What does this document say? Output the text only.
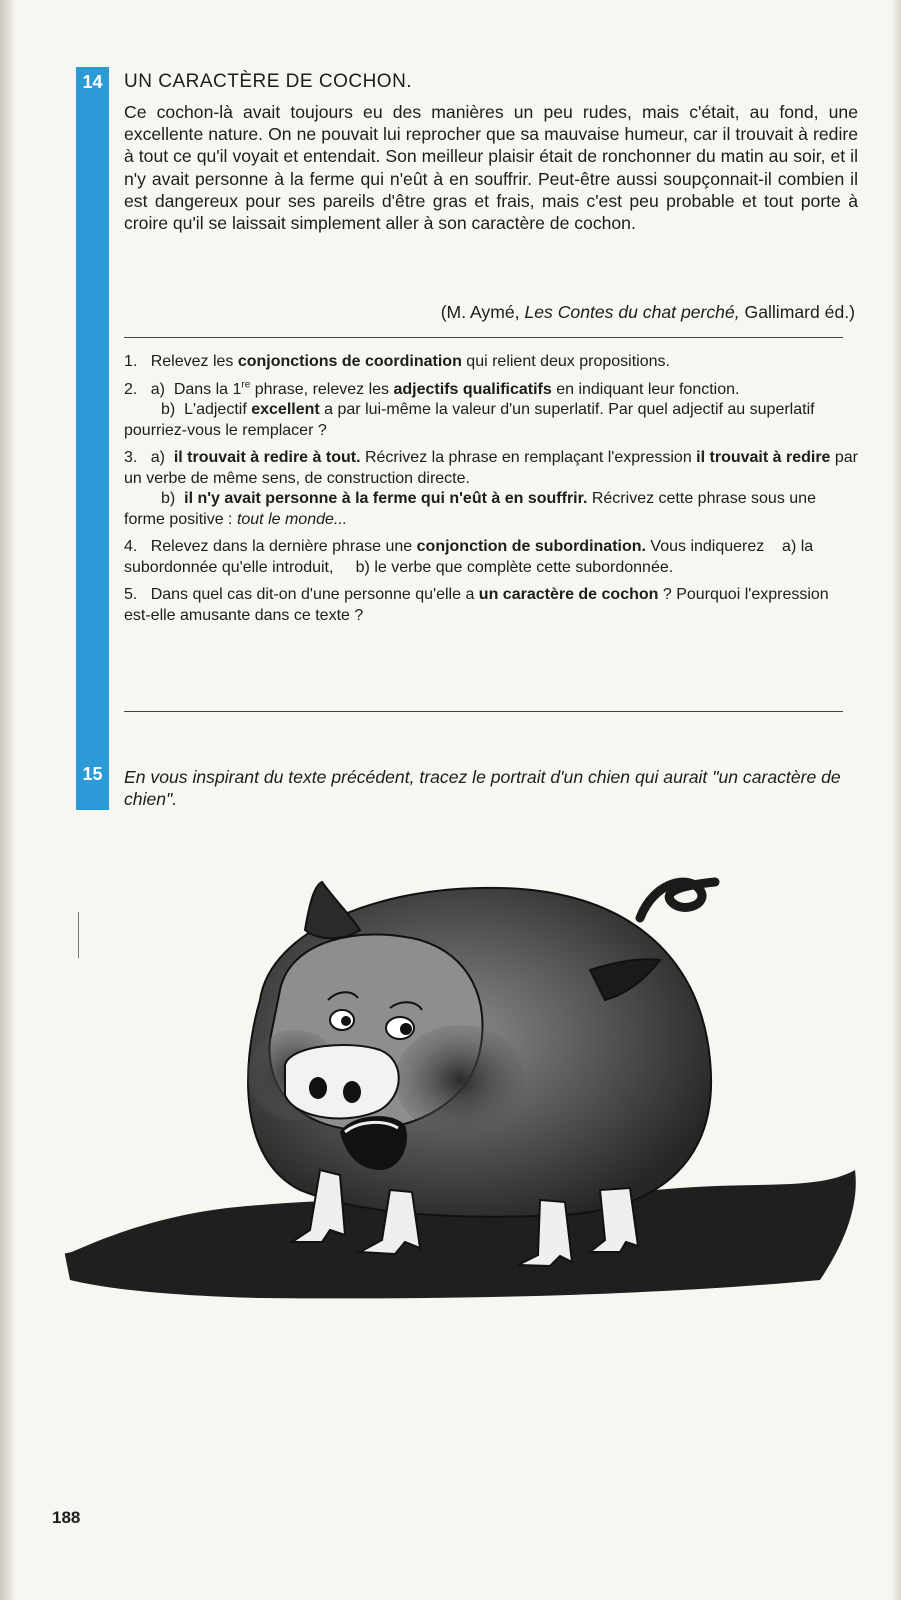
14	UN CARACTÈRE DE COCHON.
Ce cochon-là avait toujours eu des manières un peu rudes, mais c'était, au fond, une excellente nature. On ne pouvait lui reprocher que sa mauvaise humeur, car il trouvait à redire à tout ce qu'il voyait et entendait. Son meilleur plaisir était de ronchonner du matin au soir, et il n'y avait personne à la ferme qui n'eût à en souffrir. Peut-être aussi soupçonnait-il combien il est dangereux pour ses pareils d'être gras et frais, mais c'est peu probable et tout porte à croire qu'il se laissait simplement aller à son caractère de cochon.
(M. Aymé, Les Contes du chat perché, Gallimard éd.)

1. Relevez les conjonctions de coordination qui relient deux propositions.

2. a) Dans la 1re phrase, relevez les adjectifs qualificatifs en indiquant leur fonction.

b) L'adjectif excellent a par lui-même la valeur d'un superlatif. Par quel adjectif au superlatif pourriez-vous le remplacer ?

3. a) il trouvait à redire à tout. Récrivez la phrase en remplaçant l'expression il trouvait à redire par un verbe de même sens, de construction directe.

b) il n'y avait personne à la ferme qui n'eût à en souffrir. Récrivez cette phrase sous une forme positive : tout le monde...

4. Relevez dans la dernière phrase une conjonction de subordination. Vous indiquerez    a) la subordonnée qu'elle introduit,     b) le verbe que complète cette subordonnée.

5. Dans quel cas dit-on d'une personne qu'elle a un caractère de cochon ? Pourquoi l'expression est-elle amusante dans ce texte ?

15	En vous inspirant du texte précédent, tracez le portrait d'un chien qui aurait "un caractère de chien".
188
